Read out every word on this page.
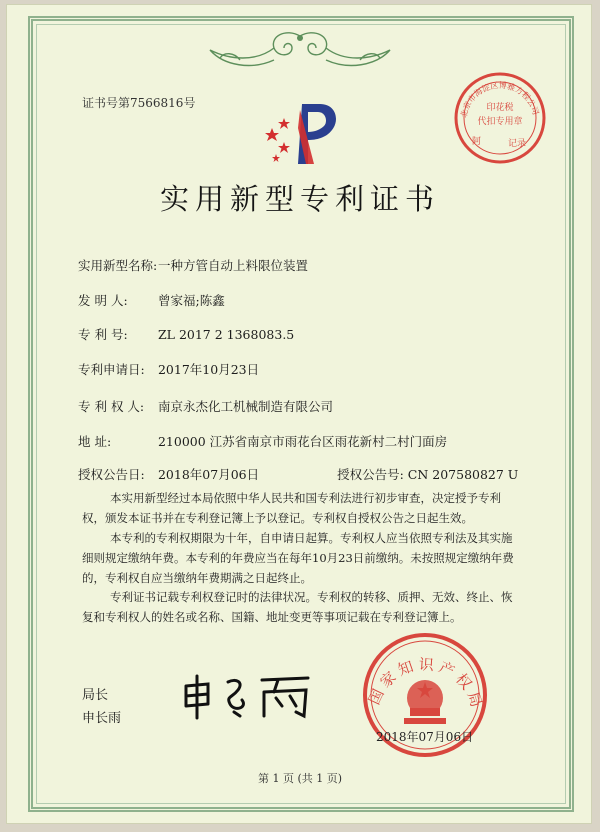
证书号第7566816号
北京市海淀区博雅方程公司
印花税
代扣专用章
阿	记录
实用新型专利证书
实用新型名称: 一种方管自动上料限位装置
发 明 人: 曾家福;陈鑫
专 利 号: ZL 2017 2 1368083.5
专利申请日: 2017年10月23日
专 利 权 人: 南京永杰化工机械制造有限公司
地 址:	210000 江苏省南京市雨花台区雨花新村二村门面房
授权公告日: 2018年07月06日	授权公告号: CN 207580827 U
本实用新型经过本局依照中华人民共和国专利法进行初步审查，决定授予专利权，颁发本证书并在专利登记簿上予以登记。专利权自授权公告之日起生效。
本专利的专利权期限为十年，自申请日起算。专利权人应当依照专利法及其实施细则规定缴纳年费。本专利的年费应当在每年10月23日前缴纳。未按照规定缴纳年费的，专利权自应当缴纳年费期满之日起终止。
专利证书记载专利权登记时的法律状况。专利权的转移、质押、无效、终止、恢复和专利权人的姓名或名称、国籍、地址变更等事项记载在专利登记簿上。
局长
申长雨
国家知识产权局
2018年07月06日
第 1 页 (共 1 页)
